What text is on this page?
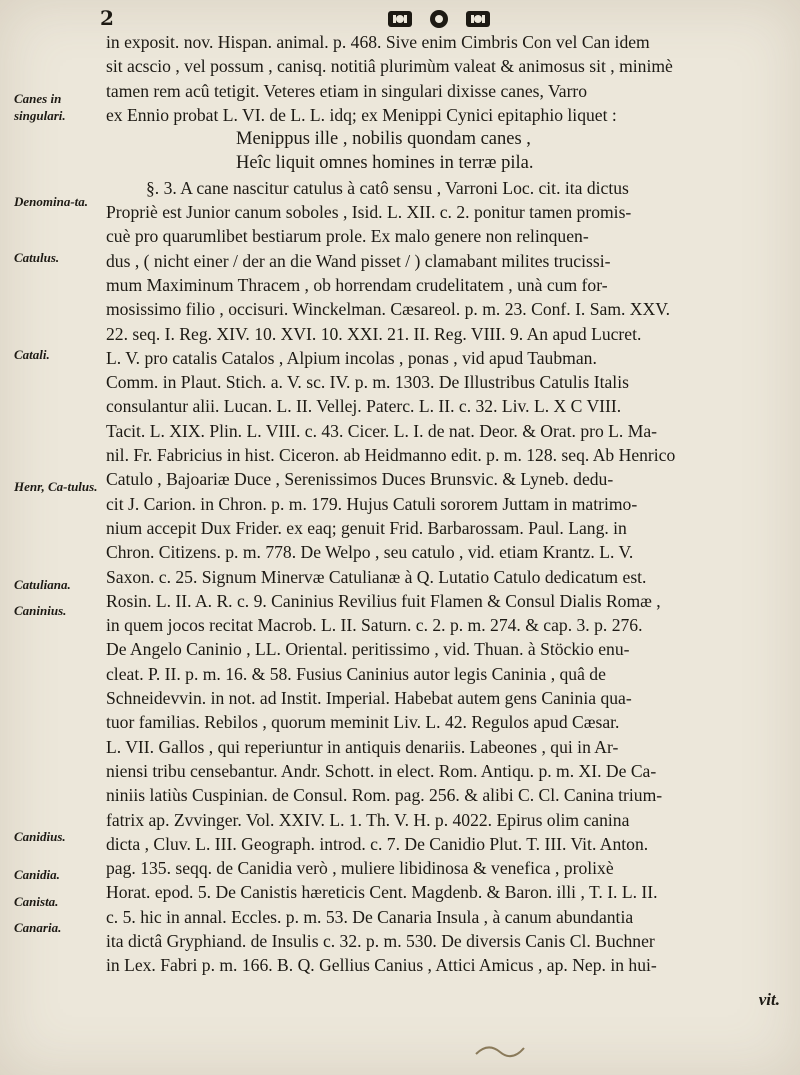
2
Canes in singulari.
Denomina-ta.
Catulus.
Catali.
Henr, Ca-tulus.
Catuliana.
Caninius.
Canidius.
Canidia.
Canista.
Canaria.
in exposit. nov. Hispan. animal. p. 468. Sive enim Cimbris Con vel Can idem
sit acscio , vel possum , canisq. notitiâ plurimùm valeat & animosus sit , minimè
tamen rem acû tetigit. Veteres etiam in singulari dixisse canes, Varro
ex Ennio probat L. VI. de L. L. idq; ex Menippi Cynici epitaphio liquet :
Menippus ille , nobilis quondam canes ,
Heîc liquit omnes homines in terræ pila.
§. 3. A cane nascitur catulus à catô sensu , Varroni Loc. cit. ita dictus
Propriè est Junior canum soboles , Isid. L. XII. c. 2. ponitur tamen promis-
cuè pro quarumlibet bestiarum prole. Ex malo genere non relinquen-
dus , ( nicht einer / der an die Wand pisset / ) clamabant milites trucissi-
mum Maximinum Thracem , ob horrendam crudelitatem , unà cum for-
mosissimo filio , occisuri. Winckelman. Cæsareol. p. m. 23. Conf. I. Sam. XXV.
22. seq. I. Reg. XIV. 10. XVI. 10. XXI. 21. II. Reg. VIII. 9. An apud Lucret.
L. V. pro catalis Catalos , Alpium incolas , ponas , vid apud Taubman.
Comm. in Plaut. Stich. a. V. sc. IV. p. m. 1303. De Illustribus Catulis Italis
consulantur alii. Lucan. L. II. Vellej. Paterc. L. II. c. 32. Liv. L. X C VIII.
Tacit. L. XIX. Plin. L. VIII. c. 43. Cicer. L. I. de nat. Deor. & Orat. pro L. Ma-
nil. Fr. Fabricius in hist. Ciceron. ab Heidmanno edit. p. m. 128. seq. Ab Henrico
Catulo , Bajoariæ Duce , Serenissimos Duces Brunsvic. & Lyneb. dedu-
cit J. Carion. in Chron. p. m. 179. Hujus Catuli sororem Juttam in matrimo-
nium accepit Dux Frider. ex eaq; genuit Frid. Barbarossam. Paul. Lang. in
Chron. Citizens. p. m. 778. De Welpo , seu catulo , vid. etiam Krantz. L. V.
Saxon. c. 25. Signum Minervæ Catulianæ à Q. Lutatio Catulo dedicatum est.
Rosin. L. II. A. R. c. 9. Caninius Revilius fuit Flamen & Consul Dialis Romæ ,
in quem jocos recitat Macrob. L. II. Saturn. c. 2. p. m. 274. & cap. 3. p. 276.
De Angelo Caninio , LL. Oriental. peritissimo , vid. Thuan. à Stöckio enu-
cleat. P. II. p. m. 16. & 58. Fusius Caninius autor legis Caninia , quâ de
Schneidevvin. in not. ad Instit. Imperial. Habebat autem gens Caninia qua-
tuor familias. Rebilos , quorum meminit Liv. L. 42. Regulos apud Cæsar.
L. VII. Gallos , qui reperiuntur in antiquis denariis. Labeones , qui in Ar-
niensi tribu censebantur. Andr. Schott. in elect. Rom. Antiqu. p. m. XI. De Ca-
niniis latiùs Cuspinian. de Consul. Rom. pag. 256. & alibi C. Cl. Canina trium-
fatrix ap. Zvvinger. Vol. XXIV. L. 1. Th. V. H. p. 4022. Epirus olim canina
dicta , Cluv. L. III. Geograph. introd. c. 7. De Canidio Plut. T. III. Vit. Anton.
pag. 135. seqq. de Canidia verò , muliere libidinosa & venefica , prolixè
Horat. epod. 5. De Canistis hæreticis Cent. Magdenb. & Baron. illi , T. I. L. II.
c. 5. hic in annal. Eccles. p. m. 53. De Canaria Insula , à canum abundantia
ita dictâ Gryphiand. de Insulis c. 32. p. m. 530. De diversis Canis Cl. Buchner
in Lex. Fabri p. m. 166. B. Q. Gellius Canius , Attici Amicus , ap. Nep. in hui-
vit.
